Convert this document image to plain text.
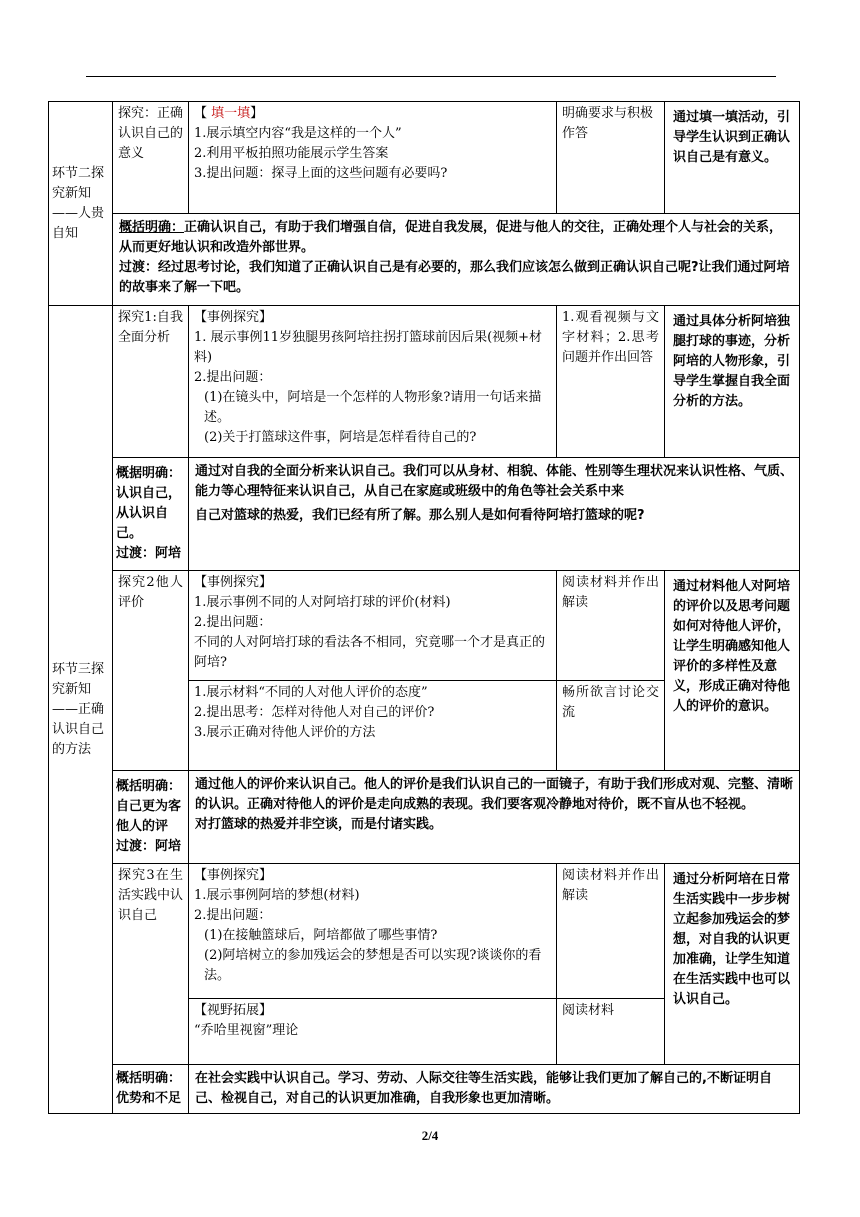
环节二探究新知——人贵自知	探究：正确认识自己的意义	【 填一填】
1.展示填空内容“我是这样的一个人”
2.利用平板拍照功能展示学生答案
3.提出问题：探寻上面的这些问题有必要吗?	明确要求与积极作答	通过填一填活动，引导学生认识到正确认识自己是有意义。

	概括明确：正确认识自己，有助于我们增强自信，促进自我发展，促进与他人的交往，正确处理个人与社会的关系，从而更好地认识和改造外部世界。
过渡：经过思考讨论，我们知道了正确认识自己是有必要的，那么我们应该怎么做到正确认识自己呢?让我们通过阿培的故事来了解一下吧。			

环节三探究新知——正确认识自己的方法	探究1:自我全面分析	【事例探究】
1. 展示事例11岁独腿男孩阿培拄拐打篮球前因后果(视频+材料)
2.提出问题：
(1)在镜头中，阿培是一个怎样的人物形象?请用一句话来描述。
(2)关于打篮球这件事，阿培是怎样看待自己的?	1.观看视频与文字材料；2.思考问题并作出回答	通过具体分析阿培独腿打球的事迹，分析阿培的人物形象，引导学生掌握自我全面分析的方法。

	概据明确：
认识自己，从认识自己。
过渡：阿培	通过对自我的全面分析来认识自己。我们可以从身材、相貌、体能、性别等生理状况来认识性格、气质、能力等心理特征来认识自己，从自己在家庭或班级中的角色等社会关系中来
自己对篮球的热爱，我们已经有所了解。那么别人是如何看待阿培打篮球的呢?		

	探究2他人评价	【事例探究】
1.展示事例不同的人对阿培打球的评价(材料)
2.提出问题：
不同的人对阿培打球的看法各不相同，究竟哪一个才是真正的阿培?	阅读材料并作出解读	通过材料他人对阿培的评价以及思考问题如何对待他人评价，让学生明确感知他人评价的多样性及意义，形成正确对待他人的评价的意识。

		1.展示材料“不同的人对他人评价的态度”
2.提出思考：怎样对待他人对自己的评价?
3.展示正确对待他人评价的方法	畅所欲言讨论交流	

	概括明确：
自己更为客他人的评
过渡：阿培	通过他人的评价来认识自己。他人的评价是我们认识自己的一面镜子，有助于我们形成对观、完整、清晰的认识。正确对待他人的评价是走向成熟的表现。我们要客观冷静地对待价，既不盲从也不轻视。
对打篮球的热爱并非空谈，而是付诸实践。		

	探究3在生活实践中认识自己	【事例探究】
1.展示事例阿培的梦想(材料)
2.提出问题：
(1)在接触篮球后，阿培都做了哪些事情?
(2)阿培树立的参加残运会的梦想是否可以实现?谈谈你的看法。	阅读材料并作出解读	通过分析阿培在日常生活实践中一步步树立起参加残运会的梦想，对自我的认识更加准确，让学生知道在生活实践中也可以认识自己。

		【视野拓展】
“乔哈里视窗”理论	阅读材料	

	概括明确：
优势和不足	在社会实践中认识自己。学习、劳动、人际交往等生活实践，能够让我们更加了解自己的,不断证明自己、检视自己，对自己的认识更加准确，自我形象也更加清晰。		
2/4
